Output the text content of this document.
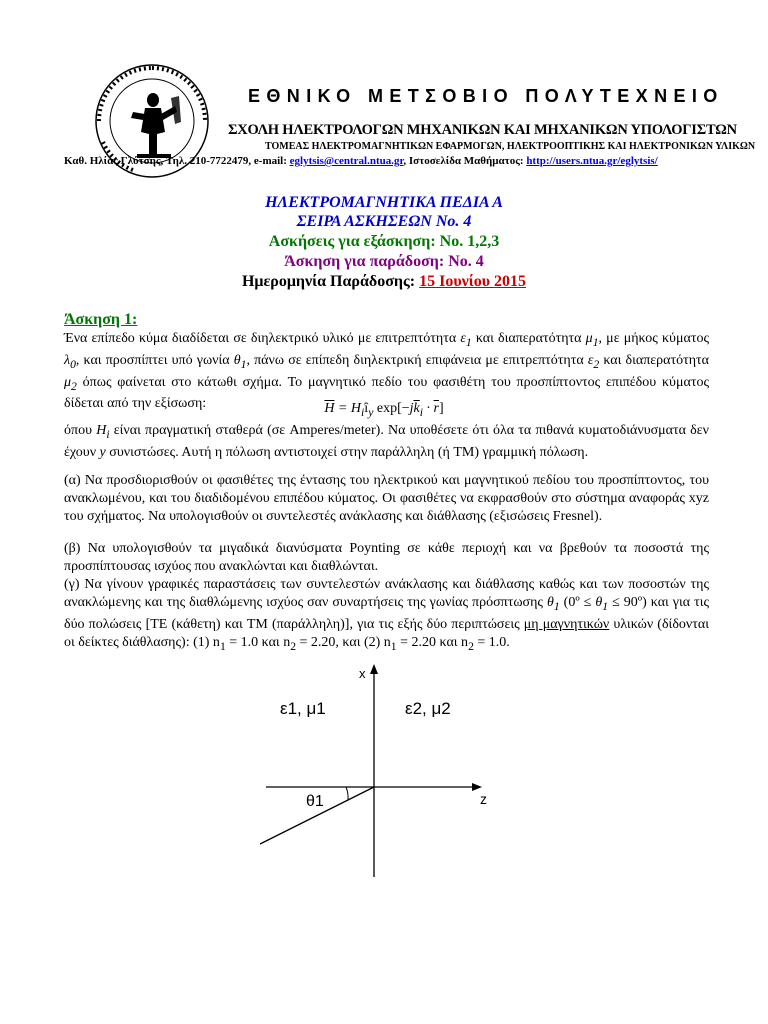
ΕΘΝΙΚΟ ΜΕΤΣΟΒΙΟ ΠΟΛΥΤΕΧΝΕΙΟ
ΣΧΟΛΗ ΗΛΕΚΤΡΟΛΟΓΩΝ ΜΗΧΑΝΙΚΩΝ ΚΑΙ ΜΗΧΑΝΙΚΩΝ ΥΠΟΛΟΓΙΣΤΩΝ
ΤΟΜΕΑΣ ΗΛΕΚΤΡΟΜΑΓΝΗΤΙΚΩΝ ΕΦΑΡΜΟΓΩΝ, ΗΛΕΚΤΡΟΟΠΤΙΚΗΣ ΚΑΙ ΗΛΕΚΤΡΟΝΙΚΩΝ ΥΛΙΚΩΝ
Καθ. Ηλίας Γλύτσης, Τηλ. 210-7722479, e-mail: eglytsis@central.ntua.gr, Ιστοσελίδα Μαθήματος: http://users.ntua.gr/eglytsis/
ΗΛΕΚΤΡΟΜΑΓΝΗΤΙΚΑ ΠΕΔΙΑ Α
ΣΕΙΡΑ ΑΣΚΗΣΕΩΝ No. 4
Ασκήσεις για εξάσκηση: No. 1,2,3
Άσκηση για παράδοση: No. 4
Ημερομηνία Παράδοσης: 15 Ιουνίου 2015
Άσκηση 1:
Ένα επίπεδο κύμα διαδίδεται σε διηλεκτρικό υλικό με επιτρεπτότητα $\varepsilon_1$ και διαπερατότητα $\mu_1$, με μήκος κύματος $\lambda_0$, και προσπίπτει υπό γωνία $\theta_1$, πάνω σε επίπεδη διηλεκτρική επιφάνεια με επιτρεπτότητα $\varepsilon_2$ και διαπερατότητα $\mu_2$ όπως φαίνεται στο κάτωθι σχήμα. Το μαγνητικό πεδίο του φασιθέτη του προσπίπτοντος επιπέδου κύματος δίδεται από την εξίσωση:	$\overline{H}$ = $H_iî_y$ $\exp[-j\overline{k}_i \cdot \overline{r}]$
όπου $H_i$ είναι πραγματική σταθερά (σε Amperes/meter). Να υποθέσετε ότι όλα τα πιθανά κυματοδιάνυσματα δεν έχουν y συνιστώσες. Αυτή η πόλωση αντιστοιχεί στην παράλληλη (ή TM) γραμμική πόλωση.
(α) Να προσδιορισθούν οι φασιθέτες της έντασης του ηλεκτρικού και μαγνητικού πεδίου του προσπίπτοντος, του ανακλωμένου, και του διαδιδομένου επιπέδου κύματος. Οι φασιθέτες να εκφρασθούν στο σύστημα αναφοράς xyz του σχήματος. Να υπολογισθούν οι συντελεστές ανάκλασης και διάθλασης (εξισώσεις Fresnel).
(β) Να υπολογισθούν τα μιγαδικά διανύσματα Poynting σε κάθε περιοχή και να βρεθούν τα ποσοστά της προσπίπτουσας ισχύος που ανακλώνται και διαθλώνται.
(γ) Να γίνουν γραφικές παραστάσεις των συντελεστών ανάκλασης και διάθλασης καθώς και των ποσοστών της ανακλώμενης και της διαθλώμενης ισχύος σαν συναρτήσεις της γωνίας πρόσπτωσης $\theta_1$ (0º ≤ $\theta_1$ ≤ 90º) και για τις δύο πολώσεις [TE (κάθετη) και TM (παράλληλη)], για τις εξής δύο περιπτώσεις μη μαγνητικών υλικών (δίδονται οι δείκτες διάθλασης): (1) $n_1 = 1.0$ και $n_2 = 2.20$, και (2) $n_1 = 2.20$ και $n_2 = 1.0$.
x
z
ε1, μ1	ε2, μ2
θ1
